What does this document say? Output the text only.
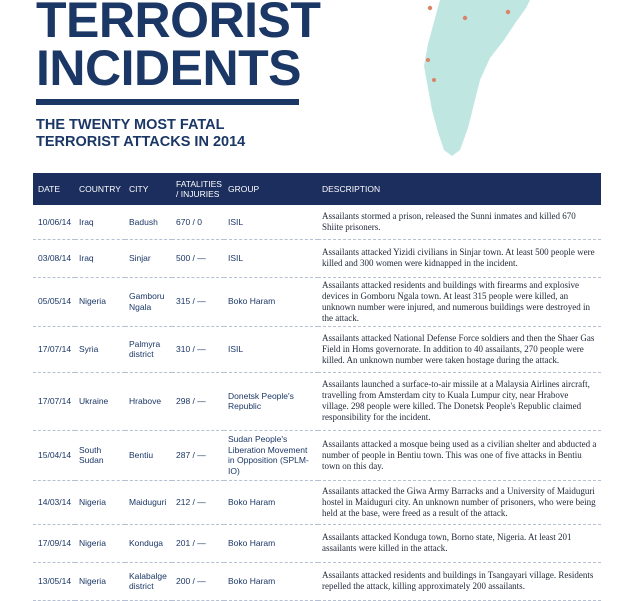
TERRORIST
INCIDENTS

THE TWENTY MOST FATAL TERRORIST ATTACKS IN 2014

DATE	COUNTRY	CITY	FATALITIES / INJURIES	GROUP	DESCRIPTION
10/06/14	Iraq	Badush	670 / 0	ISIL	Assailants stormed a prison, released the Sunni inmates and killed 670 Shiite prisoners.
03/08/14	Iraq	Sinjar	500 / —	ISIL	Assailants attacked Yizidi civilians in Sinjar town. At least 500 people were killed and 300 women were kidnapped in the incident.
05/05/14	Nigeria	Gamboru Ngala	315 / —	Boko Haram	Assailants attacked residents and buildings with firearms and explosive devices in Gomboru Ngala town. At least 315 people were killed, an unknown number were injured, and numerous buildings were destroyed in the attack.
17/07/14	Syria	Palmyra district	310 / —	ISIL	Assailants attacked National Defense Force soldiers and then the Shaer Gas Field in Homs governorate. In addition to 40 assailants, 270 people were killed. An unknown number were taken hostage during the attack.
17/07/14	Ukraine	Hrabove	298 / —	Donetsk People's Republic	Assailants launched a surface-to-air missile at a Malaysia Airlines aircraft, travelling from Amsterdam city to Kuala Lumpur city, near Hrabove village. 298 people were killed. The Donetsk People's Republic claimed responsibility for the incident.
15/04/14	South Sudan	Bentiu	287 / —	Sudan People's Liberation Movement in Opposition (SPLM-IO)	Assailants attacked a mosque being used as a civilian shelter and abducted a number of people in Bentiu town. This was one of five attacks in Bentiu town on this day.
14/03/14	Nigeria	Maiduguri	212 / —	Boko Haram	Assailants attacked the Giwa Army Barracks and a University of Maiduguri hostel in Maiduguri city. An unknown number of prisoners, who were being held at the base, were freed as a result of the attack.
17/09/14	Nigeria	Konduga	201 / —	Boko Haram	Assailants attacked Konduga town, Borno state, Nigeria. At least 201 assailants were killed in the attack.
13/05/14	Nigeria	Kalabalge district	200 / —	Boko Haram	Assailants attacked residents and buildings in Tsangayari village. Residents repelled the attack, killing approximately 200 assailants.
